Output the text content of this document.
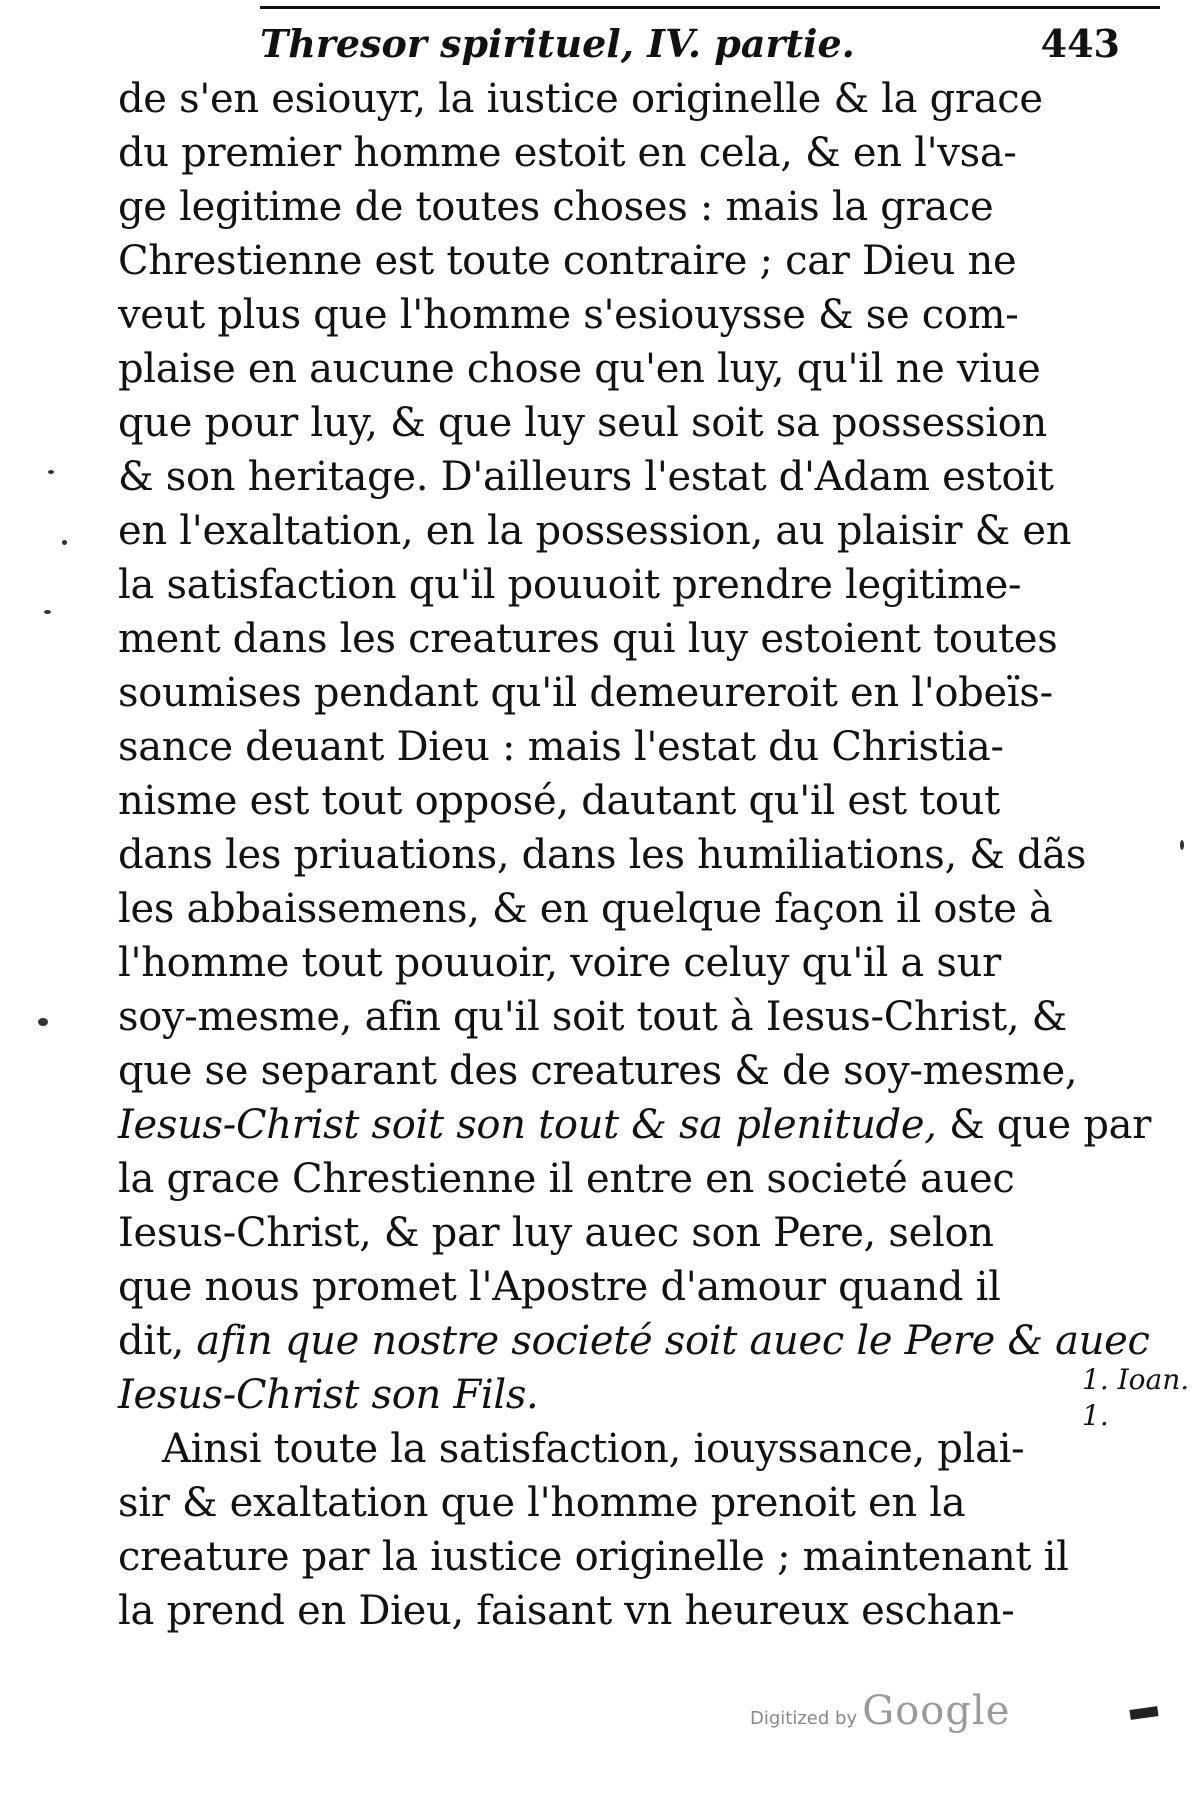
Thresor spirituel, IV. partie.	443
de s'en esiouyr, la iustice originelle & la grace
du premier homme estoit en cela, & en l'vsa-
ge legitime de toutes choses : mais la grace
Chrestienne est toute contraire ; car Dieu ne
veut plus que l'homme s'esiouysse & se com-
plaise en aucune chose qu'en luy, qu'il ne viue
que pour luy, & que luy seul soit sa possession
& son heritage. D'ailleurs l'estat d'Adam estoit
en l'exaltation, en la possession, au plaisir & en
la satisfaction qu'il pouuoit prendre legitime-
ment dans les creatures qui luy estoient toutes
soumises pendant qu'il demeureroit en l'obeïs-
sance deuant Dieu : mais l'estat du Christia-
nisme est tout opposé, dautant qu'il est tout
dans les priuations, dans les humiliations, & dãs
les abbaissemens, & en quelque façon il oste à
l'homme tout pouuoir, voire celuy qu'il a sur
soy-mesme, afin qu'il soit tout à Iesus-Christ, &
que se separant des creatures & de soy-mesme,
Iesus-Christ soit son tout & sa plenitude, & que par
la grace Chrestienne il entre en societé auec
Iesus-Christ, & par luy auec son Pere, selon
que nous promet l'Apostre d'amour quand il
dit, afin que nostre societé soit auec le Pere & auec
Iesus-Christ son Fils.
Ainsi toute la satisfaction, iouyssance, plai-
sir & exaltation que l'homme prenoit en la
creature par la iustice originelle ; maintenant il
la prend en Dieu, faisant vn heureux eschan-
1. Ioan.
1.
Digitized by Google
